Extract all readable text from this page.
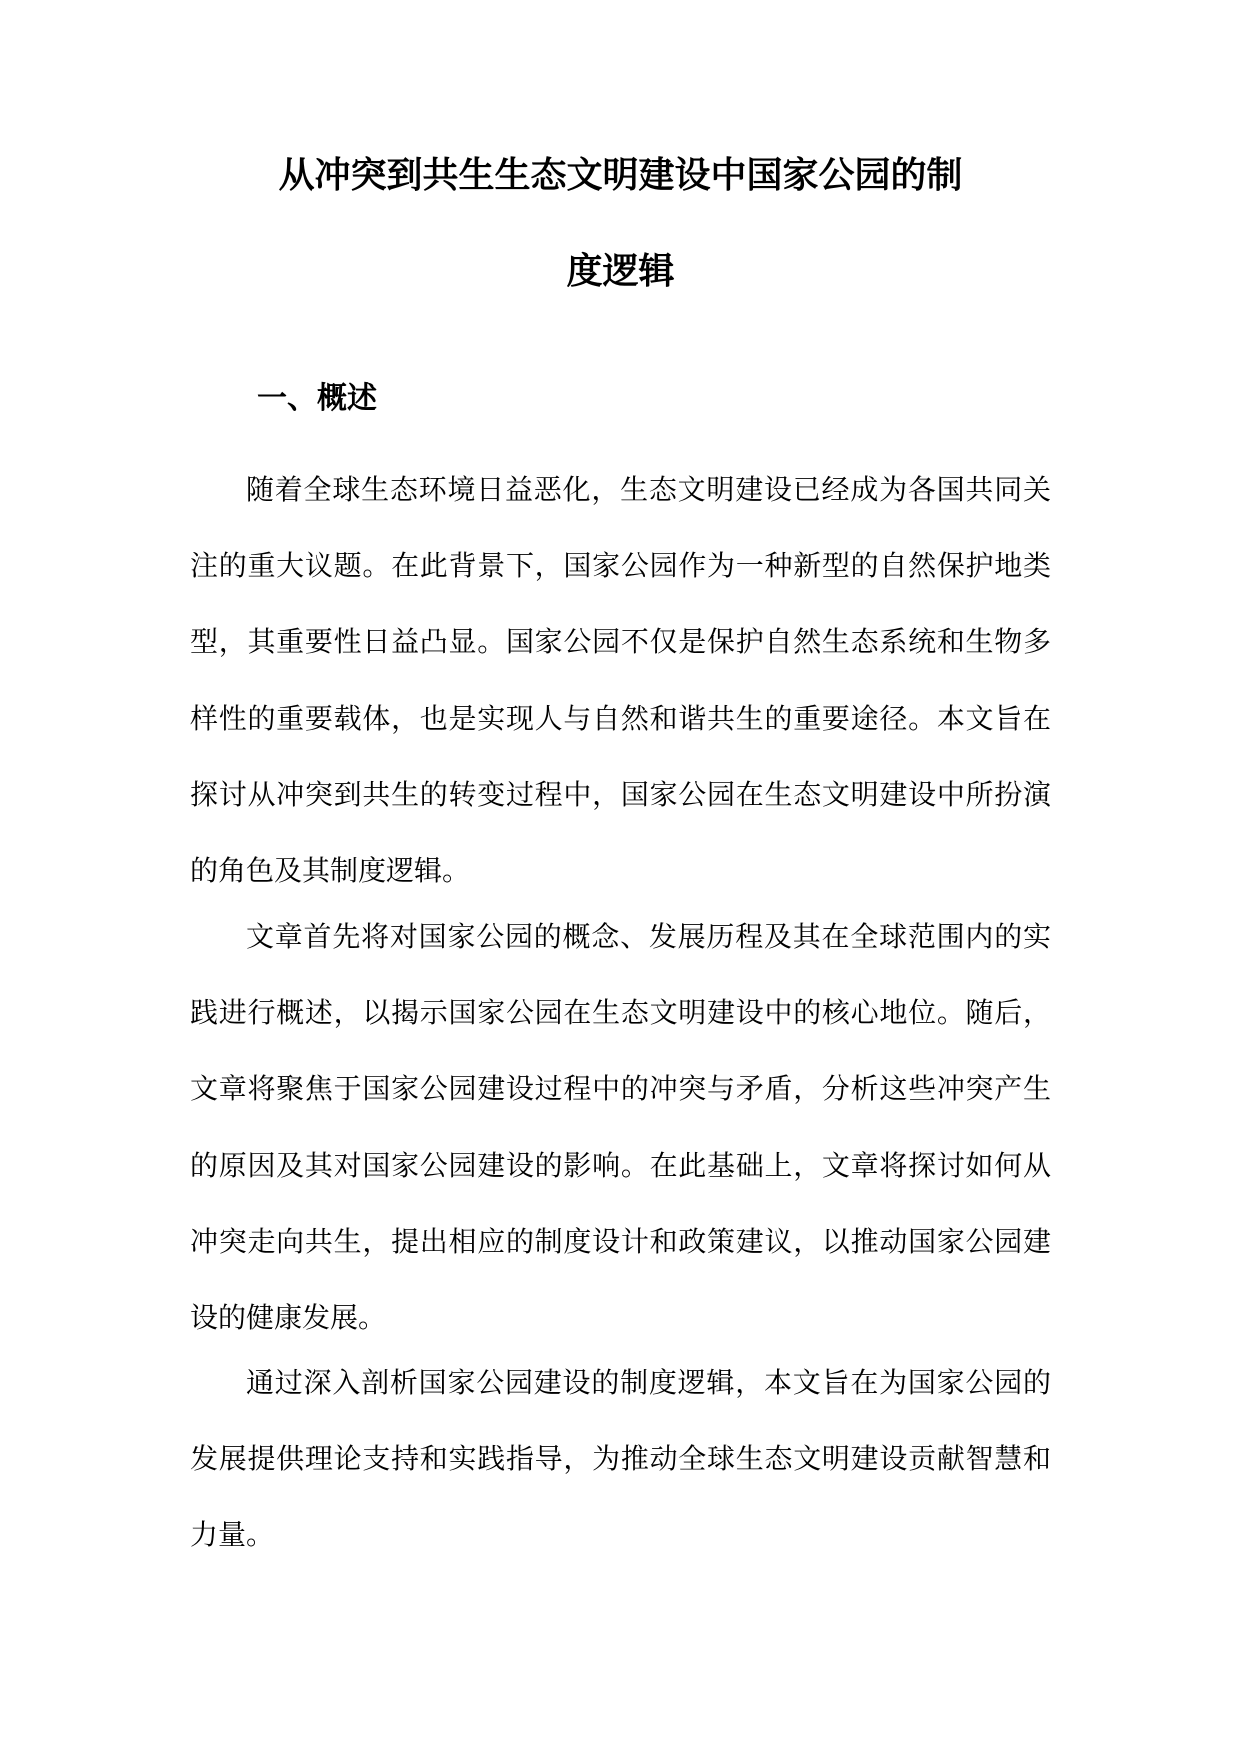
从冲突到共生生态文明建设中国家公园的制
度逻辑
一、概述

随着全球生态环境日益恶化，生态文明建设已经成为各国共同关注的重大议题。在此背景下，国家公园作为一种新型的自然保护地类型，其重要性日益凸显。国家公园不仅是保护自然生态系统和生物多样性的重要载体，也是实现人与自然和谐共生的重要途径。本文旨在探讨从冲突到共生的转变过程中，国家公园在生态文明建设中所扮演的角色及其制度逻辑。

文章首先将对国家公园的概念、发展历程及其在全球范围内的实践进行概述，以揭示国家公园在生态文明建设中的核心地位。随后，文章将聚焦于国家公园建设过程中的冲突与矛盾，分析这些冲突产生的原因及其对国家公园建设的影响。在此基础上，文章将探讨如何从冲突走向共生，提出相应的制度设计和政策建议，以推动国家公园建设的健康发展。

通过深入剖析国家公园建设的制度逻辑，本文旨在为国家公园的发展提供理论支持和实践指导，为推动全球生态文明建设贡献智慧和力量。
